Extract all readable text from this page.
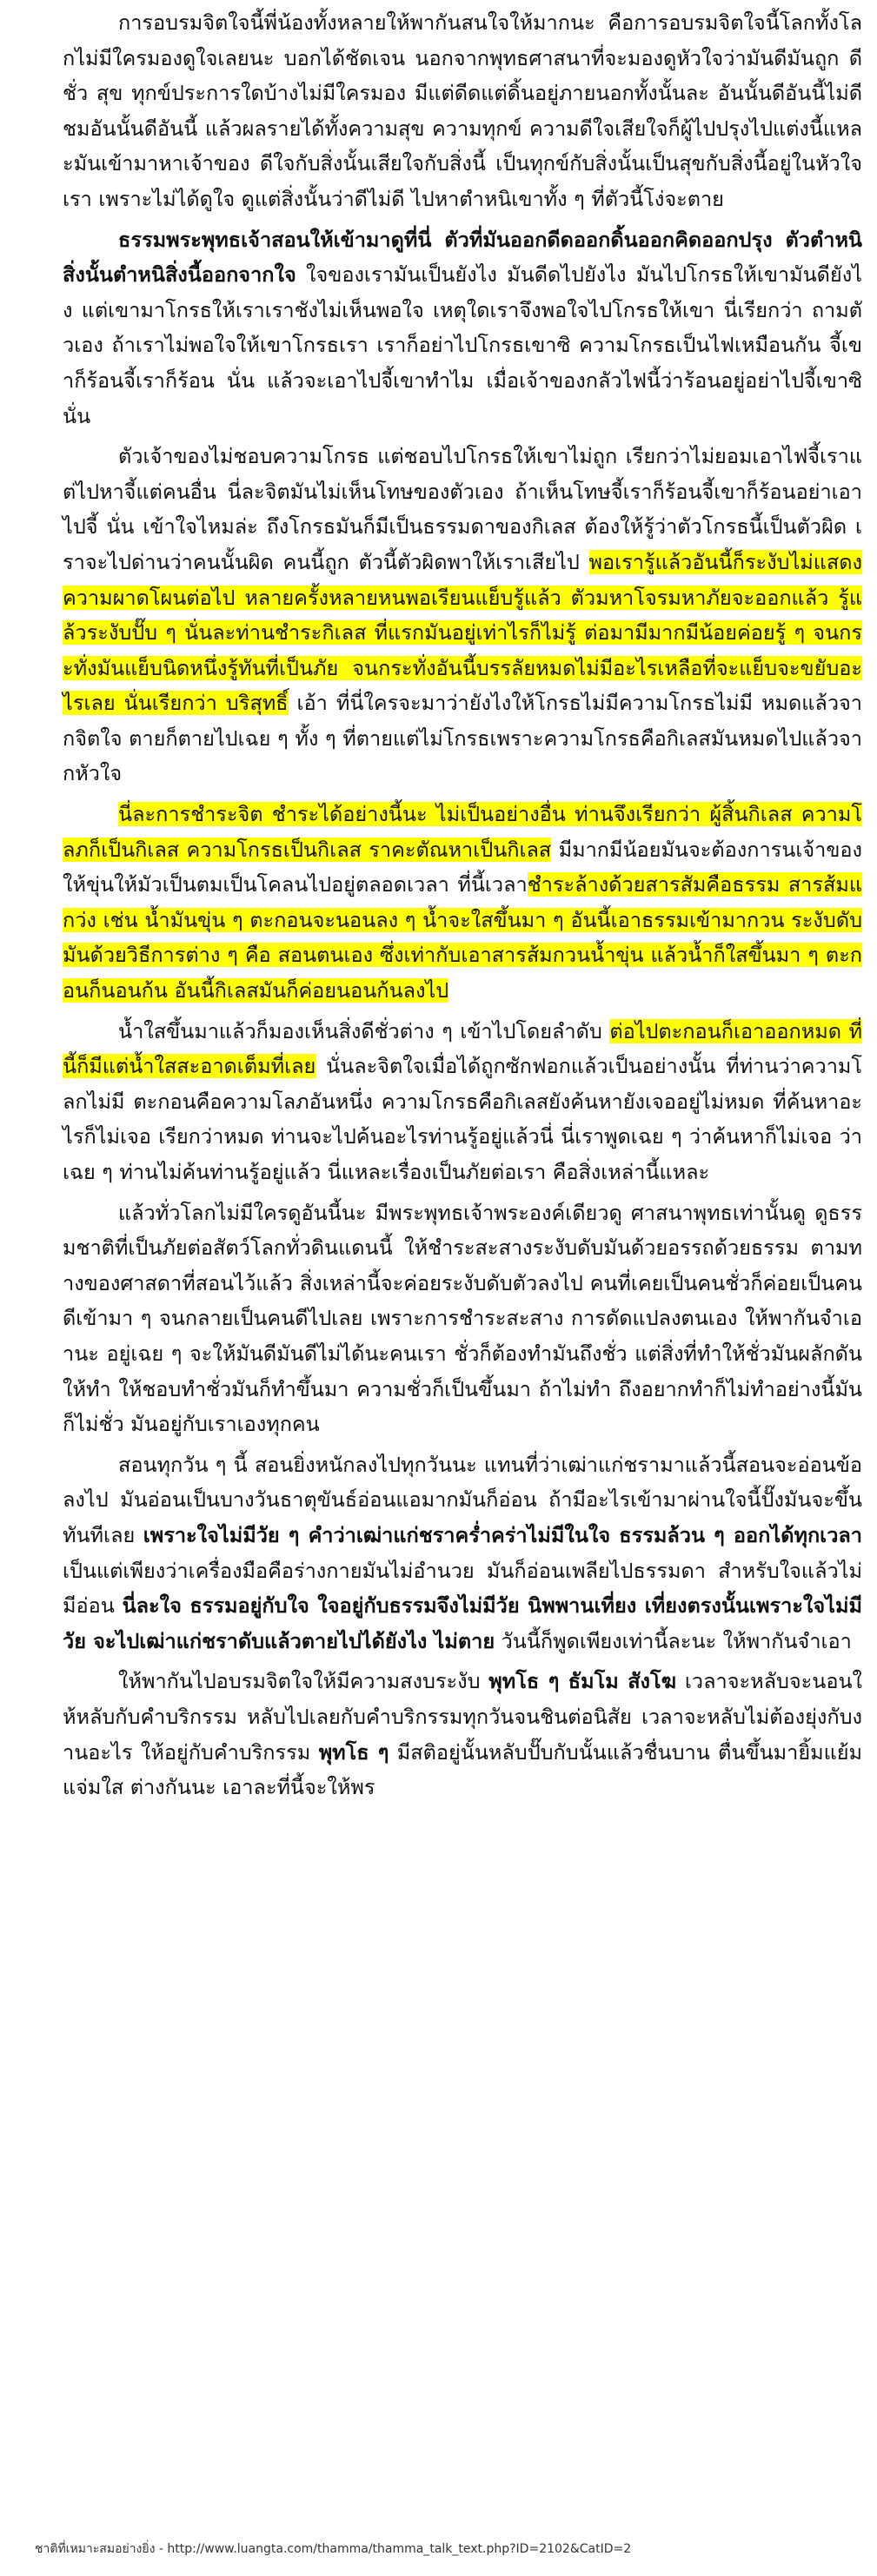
การอบรมจิตใจนี้พี่น้องทั้งหลายให้พากันสนใจให้มากนะ คือการอบรมจิตใจนี้โลกทั้งโลกไม่มีใครมองดูใจเลยนะ บอกได้ชัดเจน นอกจากพุทธศาสนาที่จะมองดูหัวใจว่ามันดีมันถูก ดี ชั่ว สุข ทุกข์ประการใดบ้างไม่มีใครมอง มีแต่ดีดแต่ดิ้นอยู่ภายนอกทั้งนั้นละ อันนั้นดีอันนี้ไม่ดี ชมอันนั้นดีอันนี้ แล้วผลรายได้ทั้งความสุข ความทุกข์ ความดีใจเสียใจก็ผู้ไปปรุงไปแต่งนี้แหละมันเข้ามาหาเจ้าของ ดีใจกับสิ่งนั้นเสียใจกับสิ่งนี้ เป็นทุกข์กับสิ่งนั้นเป็นสุขกับสิ่งนี้อยู่ในหัวใจเรา เพราะไม่ได้ดูใจ ดูแต่สิ่งนั้นว่าดีไม่ดี ไปหาตำหนิเขาทั้ง ๆ ที่ตัวนี้โง่จะตาย

ธรรมพระพุทธเจ้าสอนให้เข้ามาดูที่นี่ ตัวที่มันออกดีดออกดิ้นออกคิดออกปรุง ตัวตำหนิสิ่งนั้นตำหนิสิ่งนี้ออกจากใจ ใจของเรามันเป็นยังไง มันดีดไปยังไง มันไปโกรธให้เขามันดียังไง แต่เขามาโกรธให้เราเราชังไม่เห็นพอใจ เหตุใดเราจึงพอใจไปโกรธให้เขา นี่เรียกว่า ถามตัวเอง ถ้าเราไม่พอใจให้เขาโกรธเรา เราก็อย่าไปโกรธเขาซิ ความโกรธเป็นไฟเหมือนกัน จี้เขาก็ร้อนจี้เราก็ร้อน นั่น แล้วจะเอาไปจี้เขาทำไม เมื่อเจ้าของกลัวไฟนี้ว่าร้อนอยู่อย่าไปจี้เขาซิ นั่น

ตัวเจ้าของไม่ชอบความโกรธ แต่ชอบไปโกรธให้เขาไม่ถูก เรียกว่าไม่ยอมเอาไฟจี้เราแต่ไปหาจี้แต่คนอื่น นี่ละจิตมันไม่เห็นโทษของตัวเอง ถ้าเห็นโทษจี้เราก็ร้อนจี้เขาก็ร้อนอย่าเอาไปจี้ นั่น เข้าใจไหมล่ะ ถึงโกรธมันก็มีเป็นธรรมดาของกิเลส ต้องให้รู้ว่าตัวโกรธนี้เป็นตัวผิด เราจะไปด่านว่าคนนั้นผิด คนนี้ถูก ตัวนี้ตัวผิดพาให้เราเสียไป พอเรารู้แล้วอันนี้ก็ระงับไม่แสดงความผาดโผนต่อไป หลายครั้งหลายหนพอเรียนแย็บรู้แล้ว ตัวมหาโจรมหาภัยจะออกแล้ว รู้แล้วระงับปั๊บ ๆ นั่นละท่านชำระกิเลส ที่แรกมันอยู่เท่าไรก็ไม่รู้ ต่อมามีมากมีน้อยค่อยรู้ ๆ จนกระทั่งมันแย็บนิดหนึ่งรู้ทันที่เป็นภัย จนกระทั่งอันนี้บรรลัยหมดไม่มีอะไรเหลือที่จะแย็บจะขยับอะไรเลย นั่นเรียกว่า บริสุทธิ์ เอ้า ที่นี่ใครจะมาว่ายังไงให้โกรธไม่มีความโกรธไม่มี หมดแล้วจากจิตใจ ตายก็ตายไปเฉย ๆ ทั้ง ๆ ที่ตายแต่ไม่โกรธเพราะความโกรธคือกิเลสมันหมดไปแล้วจากหัวใจ

นี่ละการชำระจิต ชำระได้อย่างนี้นะ ไม่เป็นอย่างอื่น ท่านจึงเรียกว่า ผู้สิ้นกิเลส ความโลภก็เป็นกิเลส ความโกรธเป็นกิเลส ราคะตัณหาเป็นกิเลส มีมากมีน้อยมันจะต้องการนเจ้าของให้ขุ่นให้มัวเป็นตมเป็นโคลนไปอยู่ตลอดเวลา ที่นี้เวลาชำระล้างด้วยสารสัมคือธรรม สารส้มแกว่ง เช่น น้ำมันขุ่น ๆ ตะกอนจะนอนลง ๆ น้ำจะใสขึ้นมา ๆ อันนี้เอาธรรมเข้ามากวน ระงับดับมันด้วยวิธีการต่าง ๆ คือ สอนตนเอง ซึ่งเท่ากับเอาสารส้มกวนน้ำขุ่น แล้วน้ำก็ใสขึ้นมา ๆ ตะกอนก็นอนก้น อันนี้กิเลสมันก็ค่อยนอนก้นลงไป

น้ำใสขึ้นมาแล้วก็มองเห็นสิ่งดีชั่วต่าง ๆ เข้าไปโดยลำดับ ต่อไปตะกอนก็เอาออกหมด ที่นี้ก็มีแต่น้ำใสสะอาดเต็มที่เลย นั่นละจิตใจเมื่อได้ถูกซักฟอกแล้วเป็นอย่างนั้น ที่ท่านว่าความโลกไม่มี ตะกอนคือความโลภอันหนึ่ง ความโกรธคือกิเลสยังค้นหายังเจออยู่ไม่หมด ที่ค้นหาอะไรก็ไม่เจอ เรียกว่าหมด ท่านจะไปค้นอะไรท่านรู้อยู่แล้วนี่ นี่เราพูดเฉย ๆ ว่าค้นหาก็ไม่เจอ ว่าเฉย ๆ ท่านไม่ค้นท่านรู้อยู่แล้ว นี่แหละเรื่องเป็นภัยต่อเรา คือสิ่งเหล่านี้แหละ

แล้วทั่วโลกไม่มีใครดูอันนี้นะ มีพระพุทธเจ้าพระองค์เดียวดู ศาสนาพุทธเท่านั้นดู ดูธรรมชาติที่เป็นภัยต่อสัตว์โลกทั่วดินแดนนี้ ให้ชำระสะสางระงับดับมันด้วยอรรถด้วยธรรม ตามทางของศาสดาที่สอนไว้แล้ว สิ่งเหล่านี้จะค่อยระงับดับตัวลงไป คนที่เคยเป็นคนชั่วก็ค่อยเป็นคนดีเข้ามา ๆ จนกลายเป็นคนดีไปเลย เพราะการชำระสะสาง การดัดแปลงตนเอง ให้พากันจำเอานะ อยู่เฉย ๆ จะให้มันดีมันดีไม่ได้นะคนเรา ชั่วก็ต้องทำมันถึงชั่ว แต่สิ่งที่ทำให้ชั่วมันผลักดันให้ทำ ให้ชอบทำชั่วมันก็ทำขึ้นมา ความชั่วก็เป็นขึ้นมา ถ้าไม่ทำ ถึงอยากทำก็ไม่ทำอย่างนี้มันก็ไม่ชั่ว มันอยู่กับเราเองทุกคน

สอนทุกวัน ๆ นี้ สอนยิ่งหนักลงไปทุกวันนะ แทนที่ว่าเฒ่าแก่ชรามาแล้วนี้สอนจะอ่อนข้อลงไป มันอ่อนเป็นบางวันธาตุขันธ์อ่อนแอมากมันก็อ่อน ถ้ามีอะไรเข้ามาผ่านใจนี้ปั๊งมันจะขึ้นทันทีเลย เพราะใจไม่มีวัย ๆ คำว่าเฒ่าแก่ชราคร่ำคร่าไม่มีในใจ ธรรมล้วน ๆ ออกได้ทุกเวลา เป็นแต่เพียงว่าเครื่องมือคือร่างกายมันไม่อำนวย มันก็อ่อนเพลียไปธรรมดา สำหรับใจแล้วไม่มีอ่อน นี่ละใจ ธรรมอยู่กับใจ ใจอยู่กับธรรมจึงไม่มีวัย นิพพานเที่ยง เที่ยงตรงนั้นเพราะใจไม่มีวัย จะไปเฒ่าแก่ชราดับแล้วตายไปได้ยังไง ไม่ตาย วันนี้ก็พูดเพียงเท่านี้ละนะ ให้พากันจำเอา

ให้พากันไปอบรมจิตใจให้มีความสงบระงับ พุทโธ ๆ ธัมโม สังโฆ เวลาจะหลับจะนอนให้หลับกับคำบริกรรม หลับไปเลยกับคำบริกรรมทุกวันจนชินต่อนิสัย เวลาจะหลับไม่ต้องยุ่งกับงานอะไร ให้อยู่กับคำบริกรรม พุทโธ ๆ มีสติอยู่นั้นหลับปั๊บกับนั้นแล้วชื่นบาน ตื่นขึ้นมายิ้มแย้มแจ่มใส ต่างกันนะ เอาละที่นี้จะให้พร

ชาติที่เหมาะสมอย่างยิ่ง - http://www.luangta.com/thamma/thamma_talk_text.php?ID=2102&CatID=2
